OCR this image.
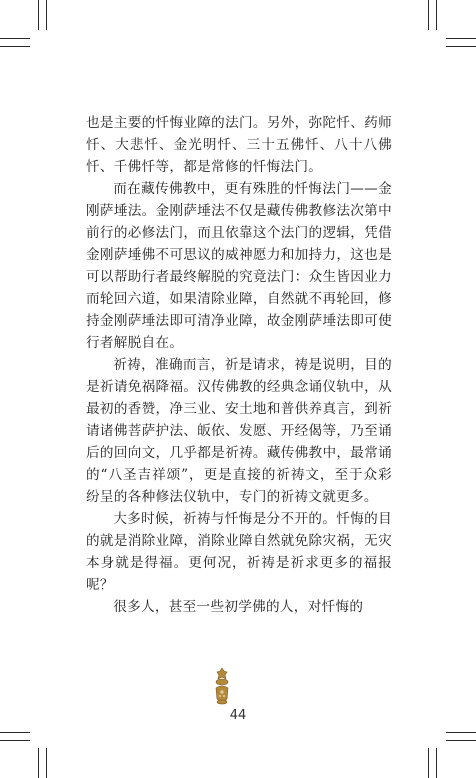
也是主要的忏悔业障的法门。另外，弥陀忏、药师忏、大悲忏、金光明忏、三十五佛忏、八十八佛忏、千佛忏等，都是常修的忏悔法门。

而在藏传佛教中，更有殊胜的忏悔法门——金刚萨埵法。金刚萨埵法不仅是藏传佛教修法次第中前行的必修法门，而且依靠这个法门的逻辑，凭借金刚萨埵佛不可思议的威神愿力和加持力，这也是可以帮助行者最终解脱的究竟法门：众生皆因业力而轮回六道，如果清除业障，自然就不再轮回，修持金刚萨埵法即可清净业障，故金刚萨埵法即可使行者解脱自在。

祈祷，准确而言，祈是请求，祷是说明，目的是祈请免祸降福。汉传佛教的经典念诵仪轨中，从最初的香赞，净三业、安土地和普供养真言，到祈请诸佛菩萨护法、皈依、发愿、开经偈等，乃至诵后的回向文，几乎都是祈祷。藏传佛教中，最常诵的“八圣吉祥颂”，更是直接的祈祷文，至于众彩纷呈的各种修法仪轨中，专门的祈祷文就更多。

大多时候，祈祷与忏悔是分不开的。忏悔的目的就是消除业障，消除业障自然就免除灾祸，无灾本身就是得福。更何况，祈祷是祈求更多的福报呢？

很多人，甚至一些初学佛的人，对忏悔的

44
